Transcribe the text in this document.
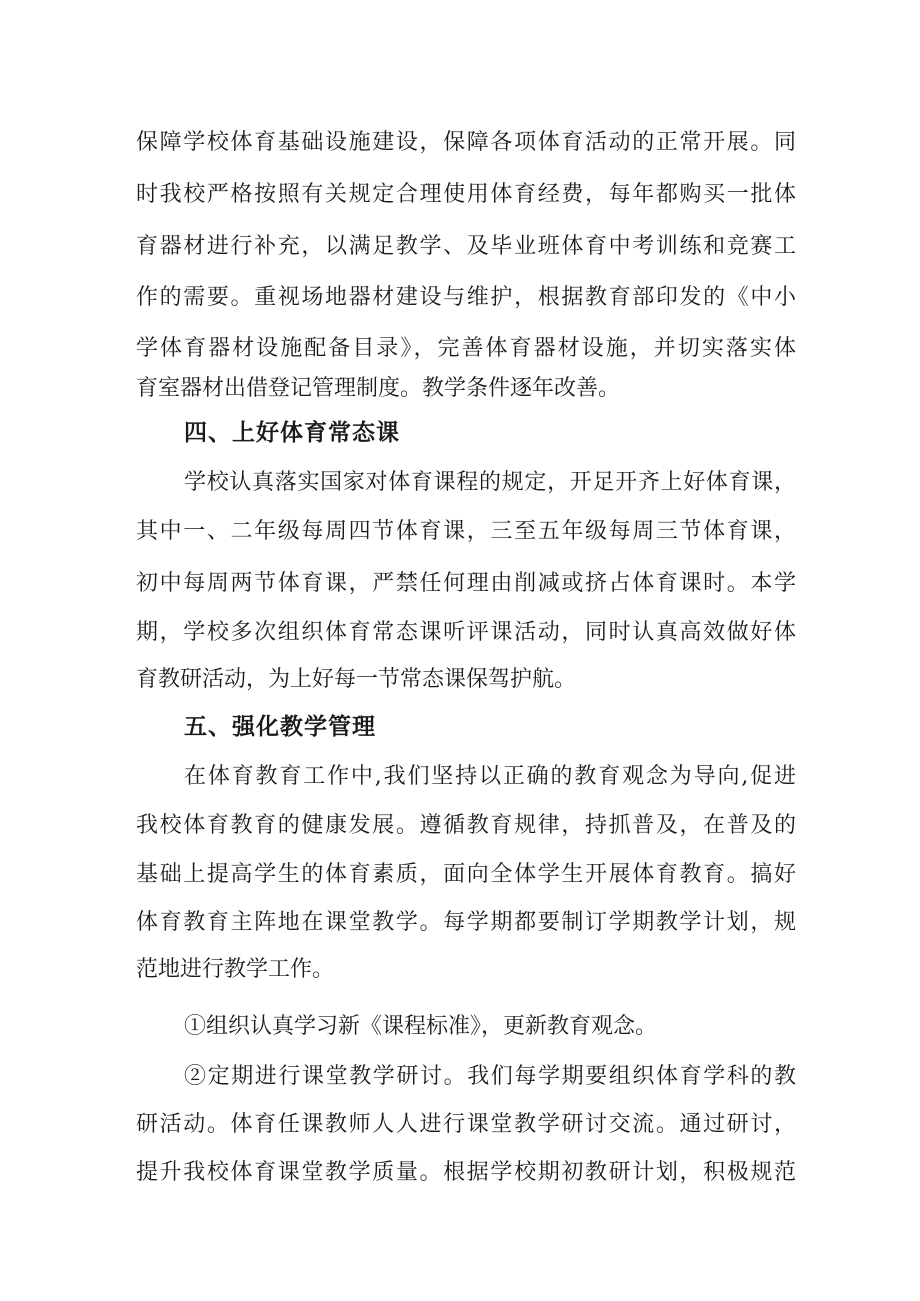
保障学校体育基础设施建设，保障各项体育活动的正常开展。同
时我校严格按照有关规定合理使用体育经费，每年都购买一批体
育器材进行补充，以满足教学、及毕业班体育中考训练和竞赛工
作的需要。重视场地器材建设与维护，根据教育部印发的《中小
学体育器材设施配备目录》，完善体育器材设施，并切实落实体
育室器材出借登记管理制度。教学条件逐年改善。
四、上好体育常态课
学校认真落实国家对体育课程的规定，开足开齐上好体育课，
其中一、二年级每周四节体育课，三至五年级每周三节体育课，
初中每周两节体育课，严禁任何理由削减或挤占体育课时。本学
期，学校多次组织体育常态课听评课活动，同时认真高效做好体
育教研活动，为上好每一节常态课保驾护航。
五、强化教学管理
在体育教育工作中,我们坚持以正确的教育观念为导向,促进
我校体育教育的健康发展。遵循教育规律，持抓普及，在普及的
基础上提高学生的体育素质，面向全体学生开展体育教育。搞好
体育教育主阵地在课堂教学。每学期都要制订学期教学计划，规
范地进行教学工作。
①组织认真学习新《课程标准》，更新教育观念。
②定期进行课堂教学研讨。我们每学期要组织体育学科的教
研活动。体育任课教师人人进行课堂教学研讨交流。通过研讨，
提升我校体育课堂教学质量。根据学校期初教研计划，积极规范
